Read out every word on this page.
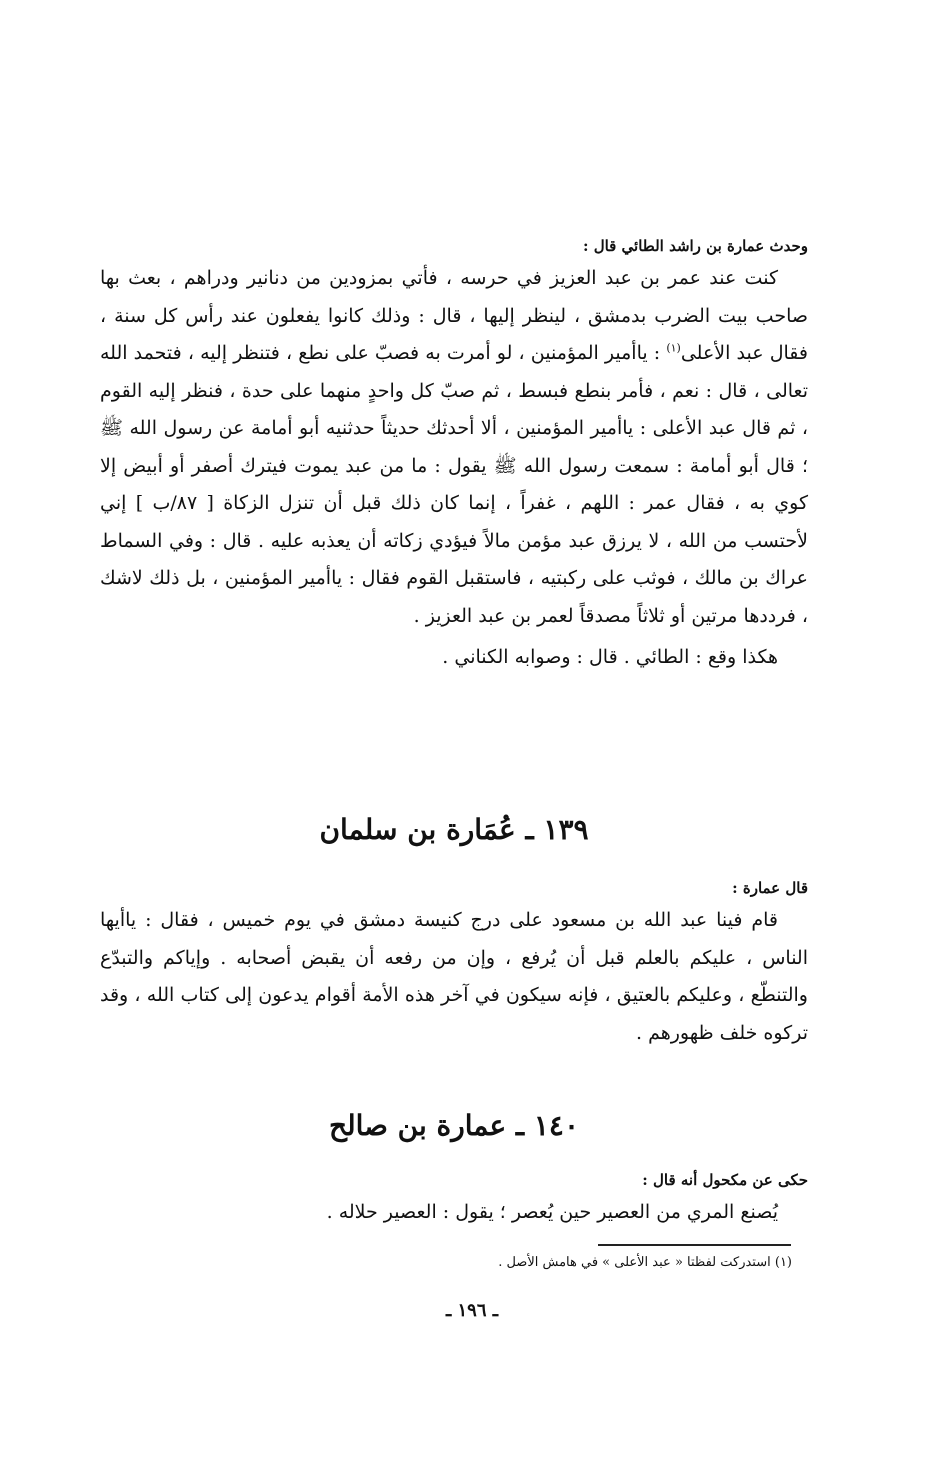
وحدث عمارة بن راشد الطائي قال :
كنت عند عمر بن عبد العزيز في حرسه ، فأتي بمزودين من دنانير ودراهم ، بعث بها صاحب بيت الضرب بدمشق ، لينظر إليها ، قال : وذلك كانوا يفعلون عند رأس كل سنة ، فقال عبد الأعلى$^{(١)}$ : ياأمير المؤمنين ، لو أمرت به فصبّ على نطع ، فتنظر إليه ، فتحمد الله تعالى ، قال : نعم ، فأمر بنطع فبسط ، ثم صبّ كل واحدٍ منهما على حدة ، فنظر إليه القوم ، ثم قال عبد الأعلى : ياأمير المؤمنين ، ألا أحدثك حديثاً حدثنيه أبو أمامة عن رسول الله ﷺ ؛ قال أبو أمامة : سمعت رسول الله ﷺ يقول : ما من عبد يموت فيترك أصفر أو أبيض إلا كوي به ، فقال عمر : اللهم ، غفراً ، إنما كان ذلك قبل أن تنزل الزكاة [ ٨٧/ب ] إني لأحتسب من الله ، لا يرزق عبد مؤمن مالاً فيؤدي زكاته أن يعذبه عليه . قال : وفي السماط عراك بن مالك ، فوثب على ركبتيه ، فاستقبل القوم فقال : ياأمير المؤمنين ، بل ذلك لاشك ، فرددها مرتين أو ثلاثاً مصدقاً لعمر بن عبد العزيز .
هكذا وقع : الطائي . قال : وصوابه الكناني .
١٣٩ ـ عُمَارة بن سلمان
قال عمارة :
قام فينا عبد الله بن مسعود على درج كنيسة دمشق في يوم خميس ، فقال : ياأيها الناس ، عليكم بالعلم قبل أن يُرفع ، وإن من رفعه أن يقبض أصحابه . وإياكم والتبدّع والتنطّع ، وعليكم بالعتيق ، فإنه سيكون في آخر هذه الأمة أقوام يدعون إلى كتاب الله ، وقد تركوه خلف ظهورهم .
١٤٠ ـ عمارة بن صالح
حكى عن مكحول أنه قال :
يُصنع المري من العصير حين يُعصر ؛ يقول : العصير حلاله .
(١) استدركت لفظتا « عبد الأعلى » في هامش الأصل .
ـ ١٩٦ ـ
